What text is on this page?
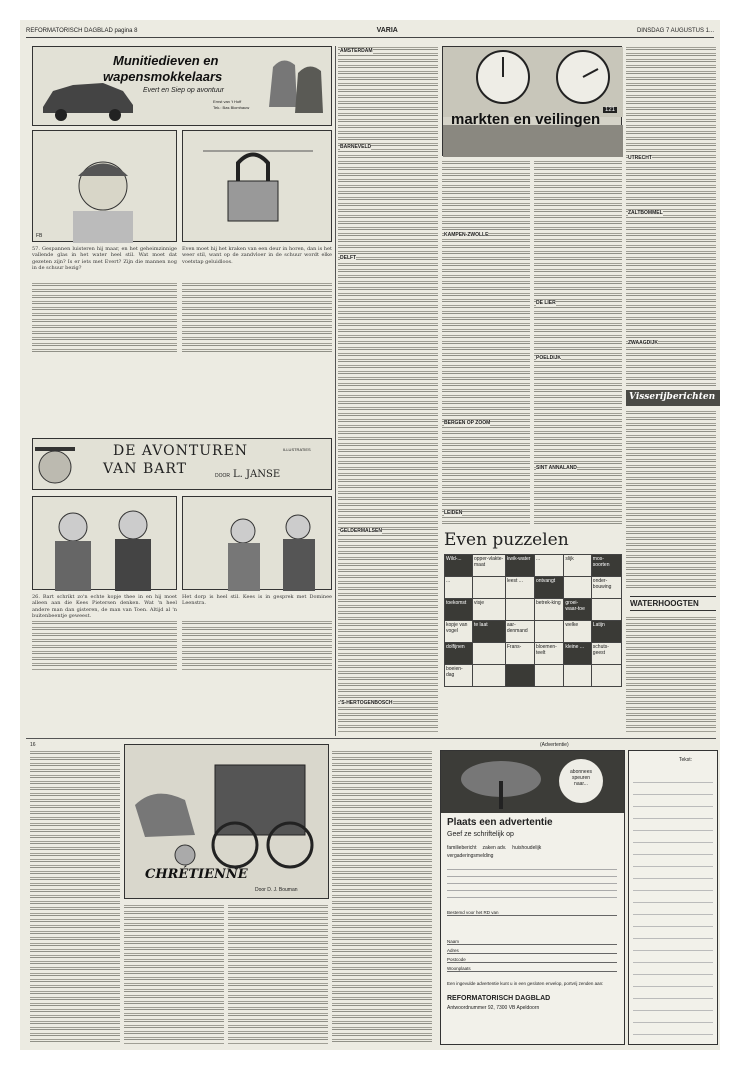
REFORMATORISCH DAGBLAD pagina 8	VARIA	DINSDAG 7 AUGUSTUS 1...
Munitiedieven en
wapensmokkelaars
Evert en Siep op avontuur
Ernst van 't Hoff
Tek.: Bas Blomhauw
FB
57. Gespannen luisteren hij maar, en het geheimzinnige vallende glas in het water heel stil. Wat moet dat gezeten zijn? Is er iets met Evert? Zijn die mannen nog in de schuur bezig?
Even moet hij het kraken van een deur in horen, dan is het weer stil, want op de zandvloer in de schuur wordt elke voetstap geluidloos.
DE AVONTUREN
VAN BART
ILLUSTRATIES
DOOR L. JANSE
26. Bart schrikt zo'n echte kopje thee in en hij moet alleen aan die Kees Pietersen denken. Wat 'n heel andere man dan gisteren, de man van Toen. Altijd al 'n buitenbeentje geweest.
Het dorp is heel stil. Kees is in gesprek met Dominee Leenstra.
markten en veilingen
121
AMSTERDAM
BARNEVELD
DELFT
GELDERMALSEN
KAMPEN-ZWOLLE
'S-HERTOGENBOSCH
BERGEN OP ZOOM
LEIDEN
DE LIER
POELDIJK
SINT ANNALAND
Even puzzelen
Wild-...	opper-vlakte-maat	kwik-water	...	slijk	mos-soorten
...		leest ...	ontvangt		onder-bouwing
toekomst	visje		betrek-king	groei-waar-toe	
kopje van vogel	te laat	aar-denmand		welke	Latijn
dolfijnen		Frans-	bloemen-teelt	kleine ...	schuts-geest
boeien-dag					
UTRECHT
ZALTBOMMEL
ZWAAGDIJK
Visserijberichten
WATERHOOGTEN
16
CHRÉTIENNE
Door D. J. Bouman
(Advertentie)
abonnees speuren naar...
Plaats een advertentie
Geef ze schriftelijk op
familiebericht zaken adv. huishoudelijk
vergaderingsmelding
Bestemd voor het RD van
Naam
Adres
Postcode
Woonplaats
Een ingevulde advertentie kunt u in een gesloten envelop, portvrij zenden aan:
REFORMATORISCH DAGBLAD
Antwoordnummer 92, 7300 VB Apeldoorn
Tekst:
